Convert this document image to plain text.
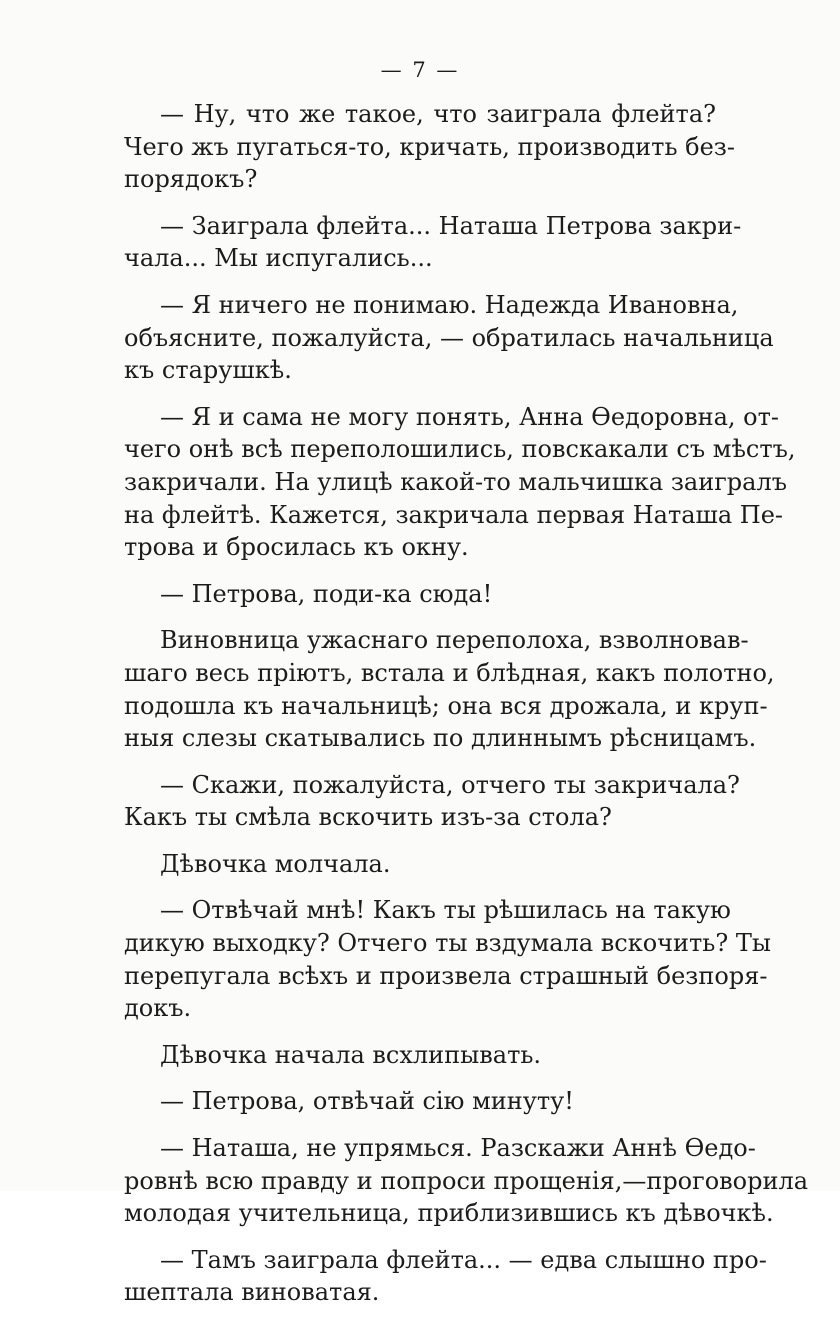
— 7 —

— Ну, что же такое, что заиграла флейта?
Чего жъ пугаться-то, кричать, производить без-
порядокъ?

— Заиграла флейта... Наташа Петрова закри-
чала... Мы испугались...

— Я ничего не понимаю. Надежда Ивановна,
объясните, пожалуйста, — обратилась начальница
къ старушкѣ.

— Я и сама не могу понять, Анна Ѳедоровна, от-
чего онѣ всѣ переполошились, повскакали съ мѣстъ,
закричали. На улицѣ какой-то мальчишка заигралъ
на флейтѣ. Кажется, закричала первая Наташа Пе-
трова и бросилась къ окну.

— Петрова, поди-ка сюда!

Виновница ужаснаго переполоха, взволновав-
шаго весь прiютъ, встала и блѣдная, какъ полотно,
подошла къ начальницѣ; она вся дрожала, и круп-
ныя слезы скатывались по длиннымъ рѣсницамъ.

— Скажи, пожалуйста, отчего ты закричала?
Какъ ты смѣла вскочить изъ-за стола?

Дѣвочка молчала.

— Отвѣчай мнѣ! Какъ ты рѣшилась на такую
дикую выходку? Отчего ты вздумала вскочить? Ты
перепугала всѣхъ и произвела страшный безпоря-
докъ.

Дѣвочка начала всхлипывать.

— Петрова, отвѣчай сiю минуту!

— Наташа, не упрямься. Разскажи Аннѣ Ѳедо-
ровнѣ всю правду и попроси прощенiя,—проговорила
молодая учительница, приблизившись къ дѣвочкѣ.

— Тамъ заиграла флейта... — едва слышно про-
шептала виноватая.
